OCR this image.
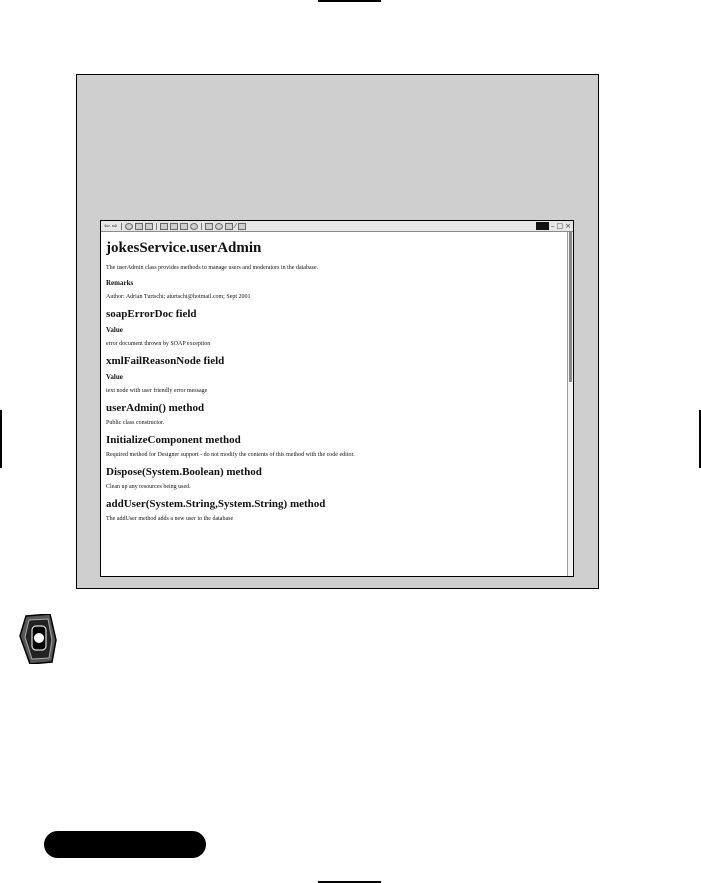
⇦ ⇨	⁄	– □ ×
jokesService.userAdmin
The userAdmin class provides methods to manage users and moderators in the database.
Remarks
Author: Adrian Turtschi; aturtschi@hotmail.com; Sept 2001
soapErrorDoc field
Value
error document thrown by SOAP exception
xmlFailReasonNode field
Value
text node with user friendly error message
userAdmin() method
Public class constructor.
InitializeComponent method
Required method for Designer support - do not modify the contents of this method with the code editor.
Dispose(System.Boolean) method
Clean up any resources being used.
addUser(System.String,System.String) method
The addUser method adds a new user to the database
